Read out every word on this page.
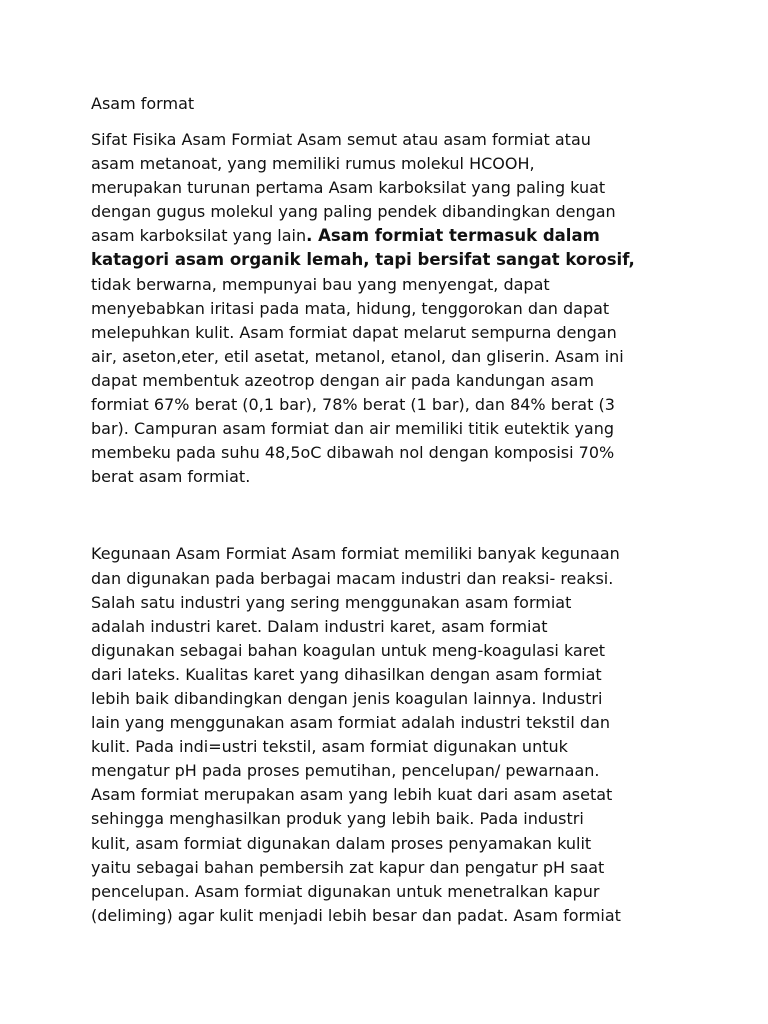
Asam format
Sifat Fisika Asam Formiat Asam semut atau asam formiat atau
asam metanoat, yang memiliki rumus molekul HCOOH,
merupakan turunan pertama Asam karboksilat yang paling kuat
dengan gugus molekul yang paling pendek dibandingkan dengan
asam karboksilat yang lain. Asam formiat termasuk dalam
katagori asam organik lemah, tapi bersifat sangat korosif,
tidak berwarna, mempunyai bau yang menyengat, dapat
menyebabkan iritasi pada mata, hidung, tenggorokan dan dapat
melepuhkan kulit. Asam formiat dapat melarut sempurna dengan
air, aseton,eter, etil asetat, metanol, etanol, dan gliserin. Asam ini
dapat membentuk azeotrop dengan air pada kandungan asam
formiat 67% berat (0,1 bar), 78% berat (1 bar), dan 84% berat (3
bar). Campuran asam formiat dan air memiliki titik eutektik yang
membeku pada suhu 48,5oC dibawah nol dengan komposisi 70%
berat asam formiat.
Kegunaan Asam Formiat Asam formiat memiliki banyak kegunaan
dan digunakan pada berbagai macam industri dan reaksi- reaksi.
Salah satu industri yang sering menggunakan asam formiat
adalah industri karet. Dalam industri karet, asam formiat
digunakan sebagai bahan koagulan untuk meng-koagulasi karet
dari lateks. Kualitas karet yang dihasilkan dengan asam formiat
lebih baik dibandingkan dengan jenis koagulan lainnya. Industri
lain yang menggunakan asam formiat adalah industri tekstil dan
kulit. Pada indi=ustri tekstil, asam formiat digunakan untuk
mengatur pH pada proses pemutihan, pencelupan/ pewarnaan.
Asam formiat merupakan asam yang lebih kuat dari asam asetat
sehingga menghasilkan produk yang lebih baik. Pada industri
kulit, asam formiat digunakan dalam proses penyamakan kulit
yaitu sebagai bahan pembersih zat kapur dan pengatur pH saat
pencelupan. Asam formiat digunakan untuk menetralkan kapur
(deliming) agar kulit menjadi lebih besar dan padat. Asam formiat
